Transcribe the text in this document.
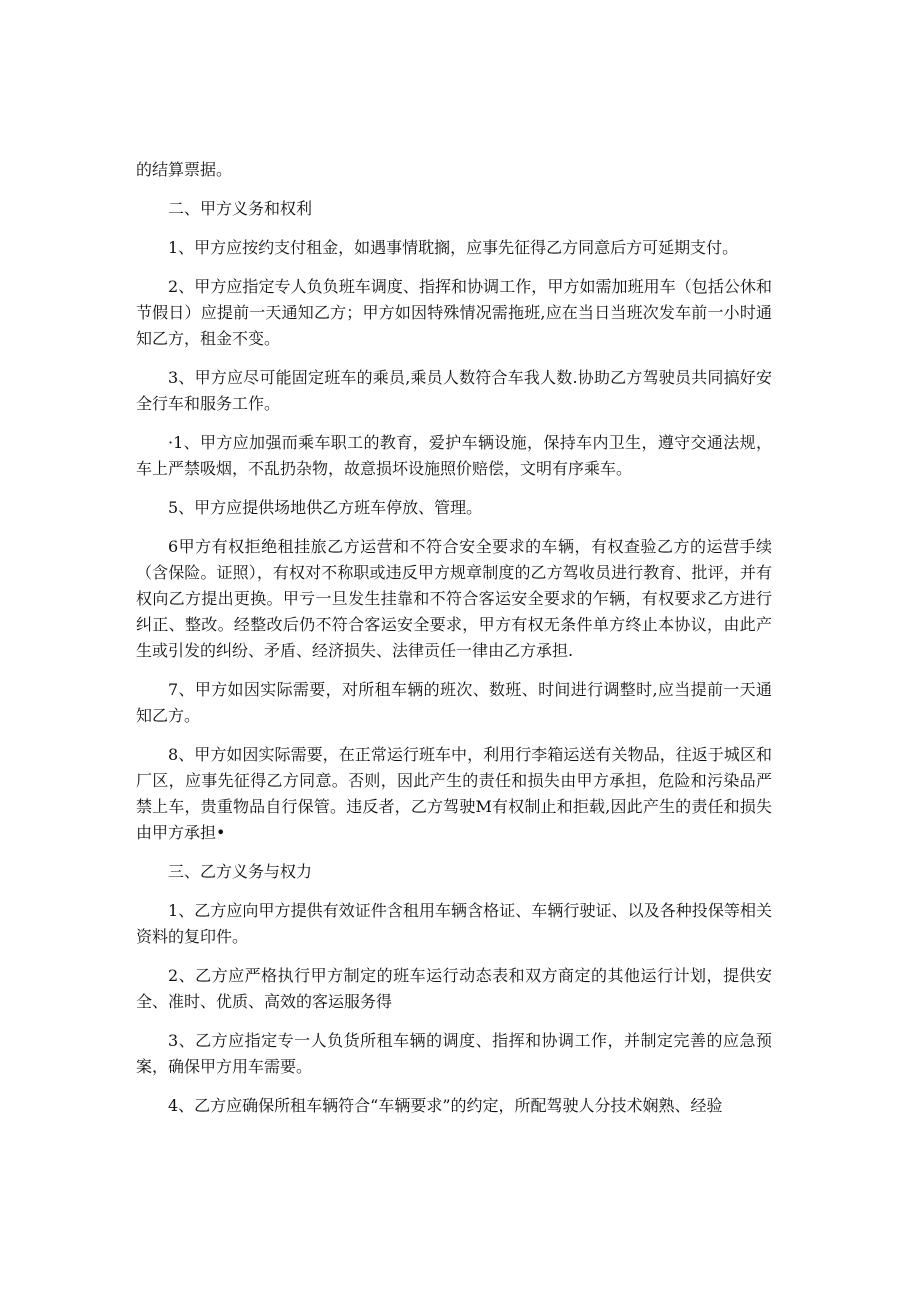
的结算票据。

二、甲方义务和权利

1、甲方应按约支付租金，如遇事情耽搁，应事先征得乙方同意后方可延期支付。

2、甲方应指定专人负负班车调度、指挥和协调工作，甲方如需加班用车（包括公休和节假日）应提前一天通知乙方；甲方如因特殊情况需拖班,应在当日当班次发车前一小时通知乙方，租金不变。

3、甲方应尽可能固定班车的乘员,乘员人数符合车我人数.协助乙方驾驶员共同搞好安全行车和服务工作。

·1、甲方应加强而乘车职工的教育，爱护车辆设施，保持车内卫生，遵守交通法规，车上严禁吸烟，不乱扔杂物，故意损坏设施照价赔偿，文明有序乘车。

5、甲方应提供场地供乙方班车停放、管理。

6甲方有权拒绝租挂旅乙方运营和不符合安全要求的车辆，有权查验乙方的运营手续（含保险。证照），有权对不称职或违反甲方规章制度的乙方驾收员进行教育、批评，并有权向乙方提出更换。甲亏一旦发生挂靠和不符合客运安全要求的乍辆，有权要求乙方进行纠正、整改。经整改后仍不符合客运安全要求，甲方有权无条件单方终止本协议，由此产生或引发的纠纷、矛盾、经济损失、法律贡任一律由乙方承担.

7、甲方如因实际需要，对所租车辆的班次、数班、时间进行调整时,应当提前一天通知乙方。

8、甲方如因实际需要，在正常运行班车中，利用行李箱运送有关物品，往返于城区和厂区，应事先征得乙方同意。否则，因此产生的责任和损失由甲方承担，危险和污染品严禁上车，贵重物品自行保管。违反者，乙方驾驶M有权制止和拒载,因此产生的责任和损失由甲方承担•

三、乙方义务与权力

1、乙方应向甲方提供有效证件含租用车辆含格证、车辆行驶证、以及各种投保等相关资料的复印件。

2、乙方应严格执行甲方制定的班车运行动态表和双方商定的其他运行计划，提供安全、准时、优质、高效的客运服务得

3、乙方应指定专一人负货所租车辆的调度、指挥和协调工作，并制定完善的应急预案，确保甲方用车需要。

4、乙方应确保所租车辆符合“车辆要求”的约定，所配驾驶人分技术娴熟、经验
